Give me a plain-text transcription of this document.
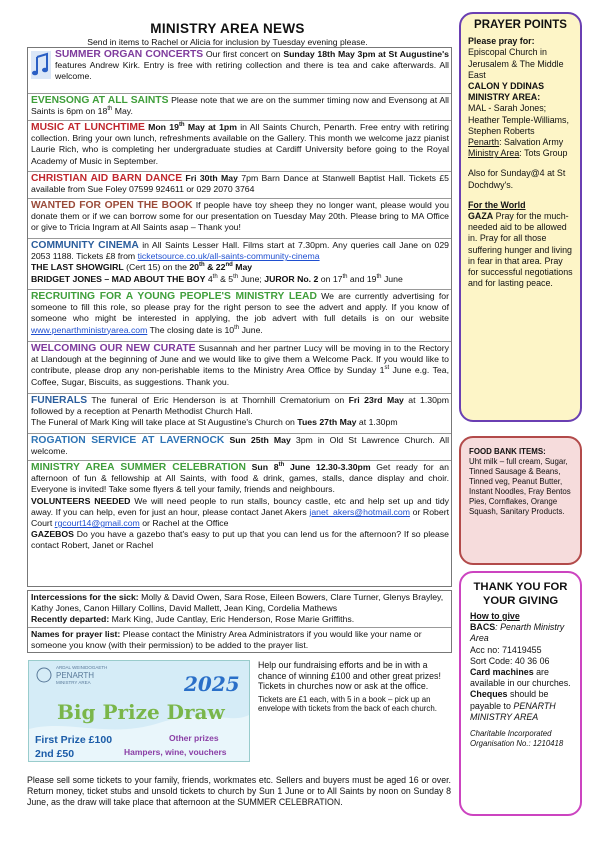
MINISTRY AREA NEWS
Send in items to Rachel or Alicia for inclusion by Tuesday evening please.
SUMMER ORGAN CONCERTS Our first concert on Sunday 18th May 3pm at St Augustine's features Andrew Kirk. Entry is free with retiring collection and there is tea and cake afterwards. All welcome.
EVENSONG AT ALL SAINTS Please note that we are on the summer timing now and Evensong at All Saints is 6pm on 18th May.
MUSIC AT LUNCHTIME Mon 19th May at 1pm in All Saints Church, Penarth. Free entry with retiring collection. Bring your own lunch, refreshments available on the Gallery. This month we welcome jazz pianist Laurie Rich, who is completing her undergraduate studies at Cardiff University before going to the Royal Academy of Music in September.
CHRISTIAN AID BARN DANCE Fri 30th May 7pm Barn Dance at Stanwell Baptist Hall. Tickets £5 available from Sue Foley 07599 924611 or 029 2070 3764
WANTED FOR OPEN THE BOOK If people have toy sheep they no longer want, please would you donate them or if we can borrow some for our presentation on Tuesday May 20th. Please bring to MA Office or give to Tricia Ingram at All Saints asap – Thank you!
COMMUNITY CINEMA in All Saints Lesser Hall. Films start at 7.30pm. Any queries call Jane on 029 2053 1188. Tickets £8 from ticketsource.co.uk/all-saints-community-cinema
THE LAST SHOWGIRL (Cert 15) on the 20th & 22nd May
BRIDGET JONES – MAD ABOUT THE BOY 4th & 5th June; JUROR No. 2 on 17th and 19th June
RECRUITING FOR A YOUNG PEOPLE'S MINISTRY LEAD We are currently advertising for someone to fill this role, so please pray for the right person to see the advert and apply. If you know of someone who might be interested in applying, the job advert with full details is on our website www.penarthministryarea.com The closing date is 10th June.
WELCOMING OUR NEW CURATE Susannah and her partner Lucy will be moving in to the Rectory at Llandough at the beginning of June and we would like to give them a Welcome Pack. If you would like to contribute, please drop any non-perishable items to the Ministry Area Office by Sunday 1st June e.g. Tea, Coffee, Sugar, Biscuits, as suggestions. Thank you.
FUNERALS The funeral of Eric Henderson is at Thornhill Crematorium on Fri 23rd May at 1.30pm followed by a reception at Penarth Methodist Church Hall.
The Funeral of Mark King will take place at St Augustine's Church on Tues 27th May at 1.30pm
ROGATION SERVICE AT LAVERNOCK Sun 25th May 3pm in Old St Lawrence Church. All welcome.
MINISTRY AREA SUMMER CELEBRATION Sun 8th June 12.30-3.30pm Get ready for an afternoon of fun & fellowship at All Saints, with food & drink, games, stalls, dance display and choir. Everyone is invited! Take some flyers & tell your family, friends and neighbours.
VOLUNTEERS NEEDED We will need people to run stalls, bouncy castle, etc and help set up and tidy away. If you can help, even for just an hour, please contact Janet Akers janet_akers@hotmail.com or Robert Court rgcourt14@gmail.com or Rachel at the Office
GAZEBOS Do you have a gazebo that's easy to put up that you can lend us for the afternoon? If so please contact Robert, Janet or Rachel
Intercessions for the sick: Molly & David Owen, Sara Rose, Eileen Bowers, Clare Turner, Glenys Brayley, Kathy Jones, Canon Hillary Collins, David Mallett, Jean King, Cordelia Mathews
Recently departed: Mark King, Jude Cantlay, Eric Henderson, Rose Marie Griffiths.
Names for prayer list: Please contact the Ministry Area Administrators if you would like your name or someone you know (with their permission) to be added to the prayer list.
ARDAL WEINIDOGAETH
PENARTH
MINISTRY AREA	2025
Big Prize Draw
First Prize £100
2nd £50
Other prizes
Hampers, wine, vouchers
Help our fundraising efforts and be in with a chance of winning £100 and other great prizes! Tickets in churches now or ask at the office.
Tickets are £1 each, with 5 in a book – pick up an envelope with tickets from the back of each church.
Please sell some tickets to your family, friends, workmates etc. Sellers and buyers must be aged 16 or over. Return money, ticket stubs and unsold tickets to church by Sun 1 June or to All Saints by noon on Sunday 8 June, as the draw will take place that afternoon at the SUMMER CELEBRATION.
PRAYER POINTS
Please pray for:
Episcopal Church in Jerusalem & The Middle East
CALON Y DDINAS MINISTRY AREA:
MAL - Sarah Jones; Heather Temple-Williams, Stephen Roberts
Penarth: Salvation Army
Ministry Area: Tots Group
Also for Sunday@4 at St Dochdwy's.
For the World
GAZA Pray for the much-needed aid to be allowed in. Pray for all those suffering hunger and living in fear in that area. Pray for successful negotiations and for lasting peace.
FOOD BANK ITEMS:
Uht milk – full cream, Sugar, Tinned Sausage & Beans, Tinned veg, Peanut Butter, Instant Noodles, Fray Bentos Pies, Cornflakes, Orange Squash, Sanitary Products.
THANK YOU FOR YOUR GIVING
How to give
BACS: Penarth Ministry Area
Acc no: 71419455
Sort Code: 40 36 06
Card machines are available in our churches.
Cheques should be payable to PENARTH MINISTRY AREA
Charitable Incorporated Organisation No.: 1210418
